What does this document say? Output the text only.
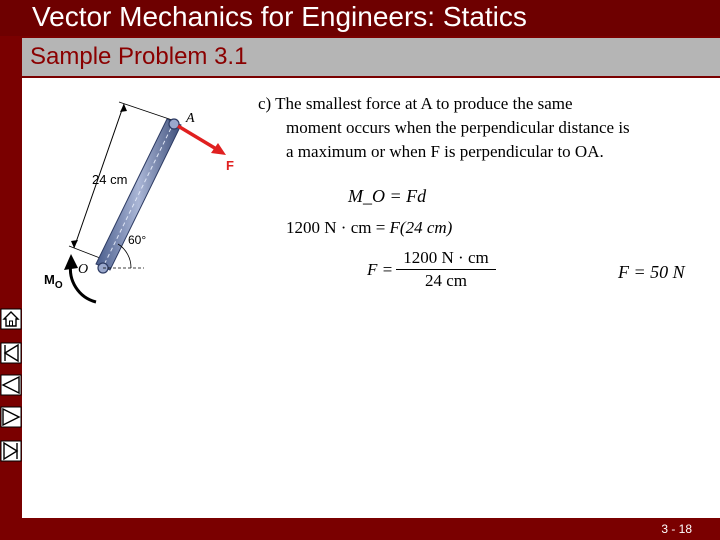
Vector Mechanics for Engineers: Statics
Sample Problem 3.1
A
F
24 cm
60°
O
$M_O$
c) The smallest force at A to produce the same
moment occurs when the perpendicular distance is
a maximum or when F is perpendicular to OA.
M_O = Fd
1200 N · cm = F(24 cm)
F =
1200 N · cm
24 cm	F = 50 N
3 - 18
